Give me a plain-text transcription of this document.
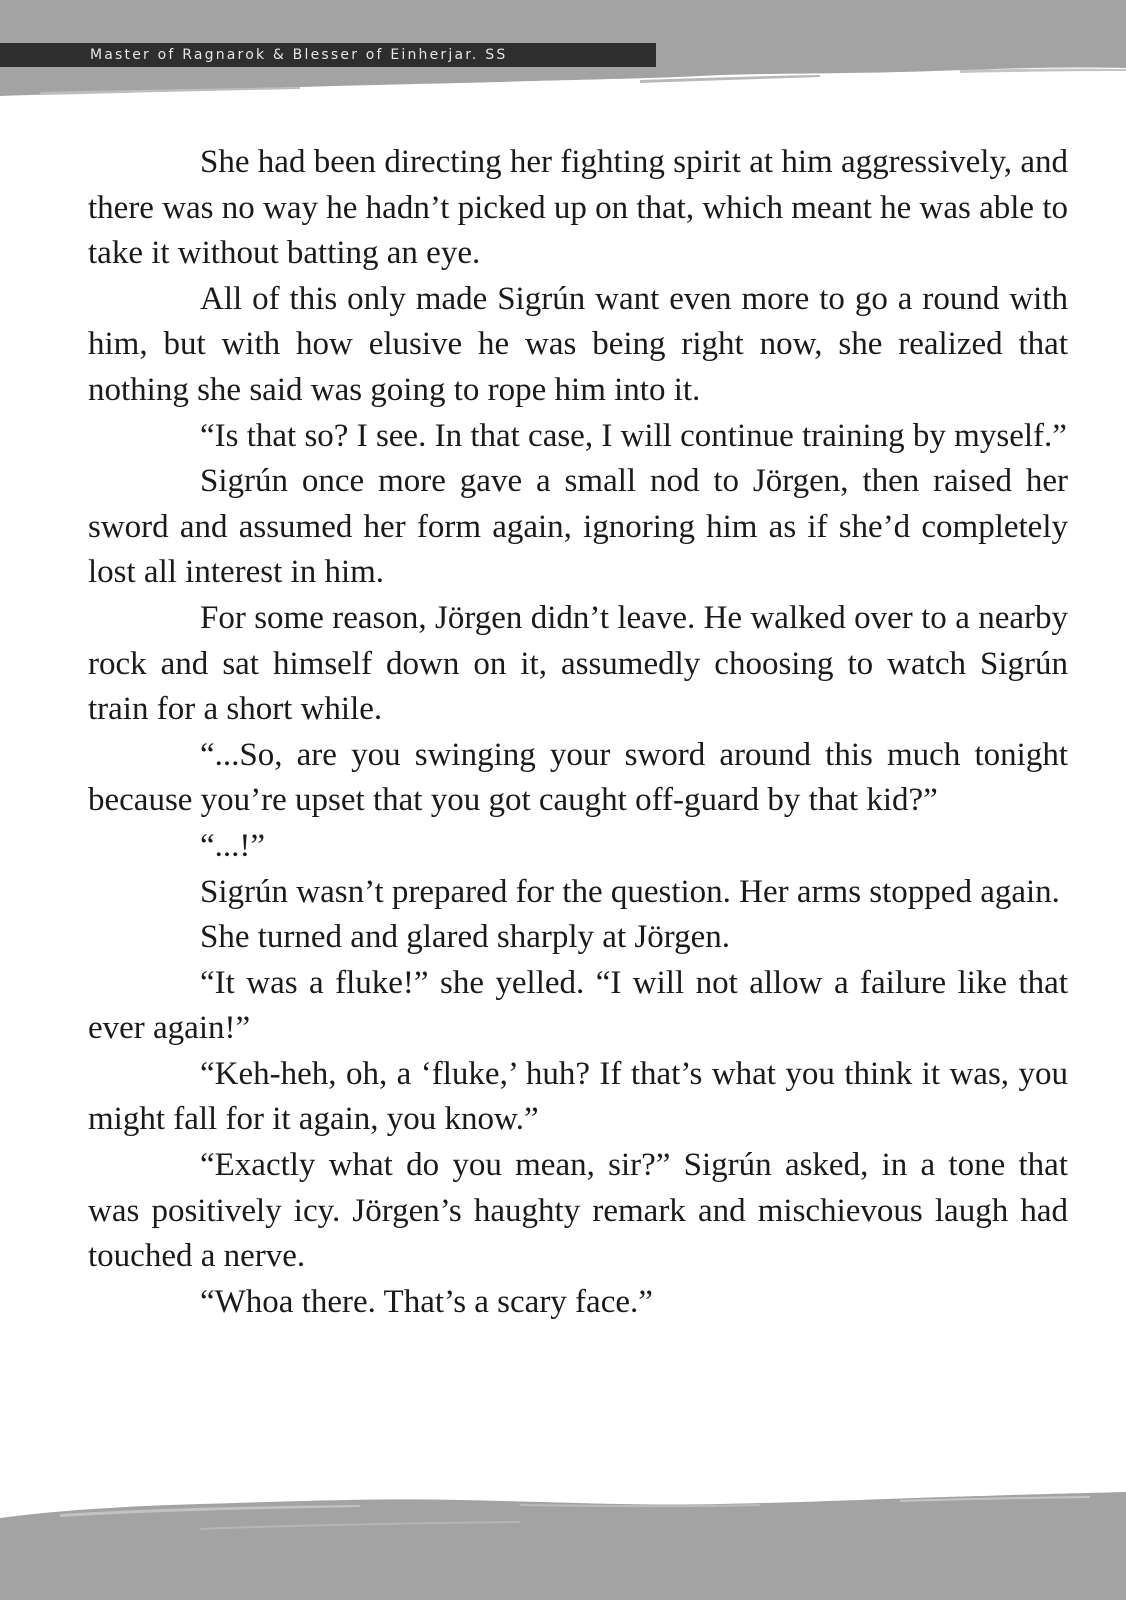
Master of Ragnarok & Blesser of Einherjar. SS

She had been directing her fighting spirit at him aggressively, and there was no way he hadn’t picked up on that, which meant he was able to take it without batting an eye.

All of this only made Sigrún want even more to go a round with him, but with how elusive he was being right now, she realized that nothing she said was going to rope him into it.

“Is that so? I see. In that case, I will continue training by myself.”

Sigrún once more gave a small nod to Jörgen, then raised her sword and assumed her form again, ignoring him as if she’d completely lost all interest in him.

For some reason, Jörgen didn’t leave. He walked over to a nearby rock and sat himself down on it, assumedly choosing to watch Sigrún train for a short while.

“...So, are you swinging your sword around this much tonight because you’re upset that you got caught off-guard by that kid?”

“...!”

Sigrún wasn’t prepared for the question. Her arms stopped again.

She turned and glared sharply at Jörgen.

“It was a fluke!” she yelled. “I will not allow a failure like that ever again!”

“Keh-heh, oh, a ‘fluke,’ huh? If that’s what you think it was, you might fall for it again, you know.”

“Exactly what do you mean, sir?” Sigrún asked, in a tone that was positively icy. Jörgen’s haughty remark and mischievous laugh had touched a nerve.

“Whoa there. That’s a scary face.”
